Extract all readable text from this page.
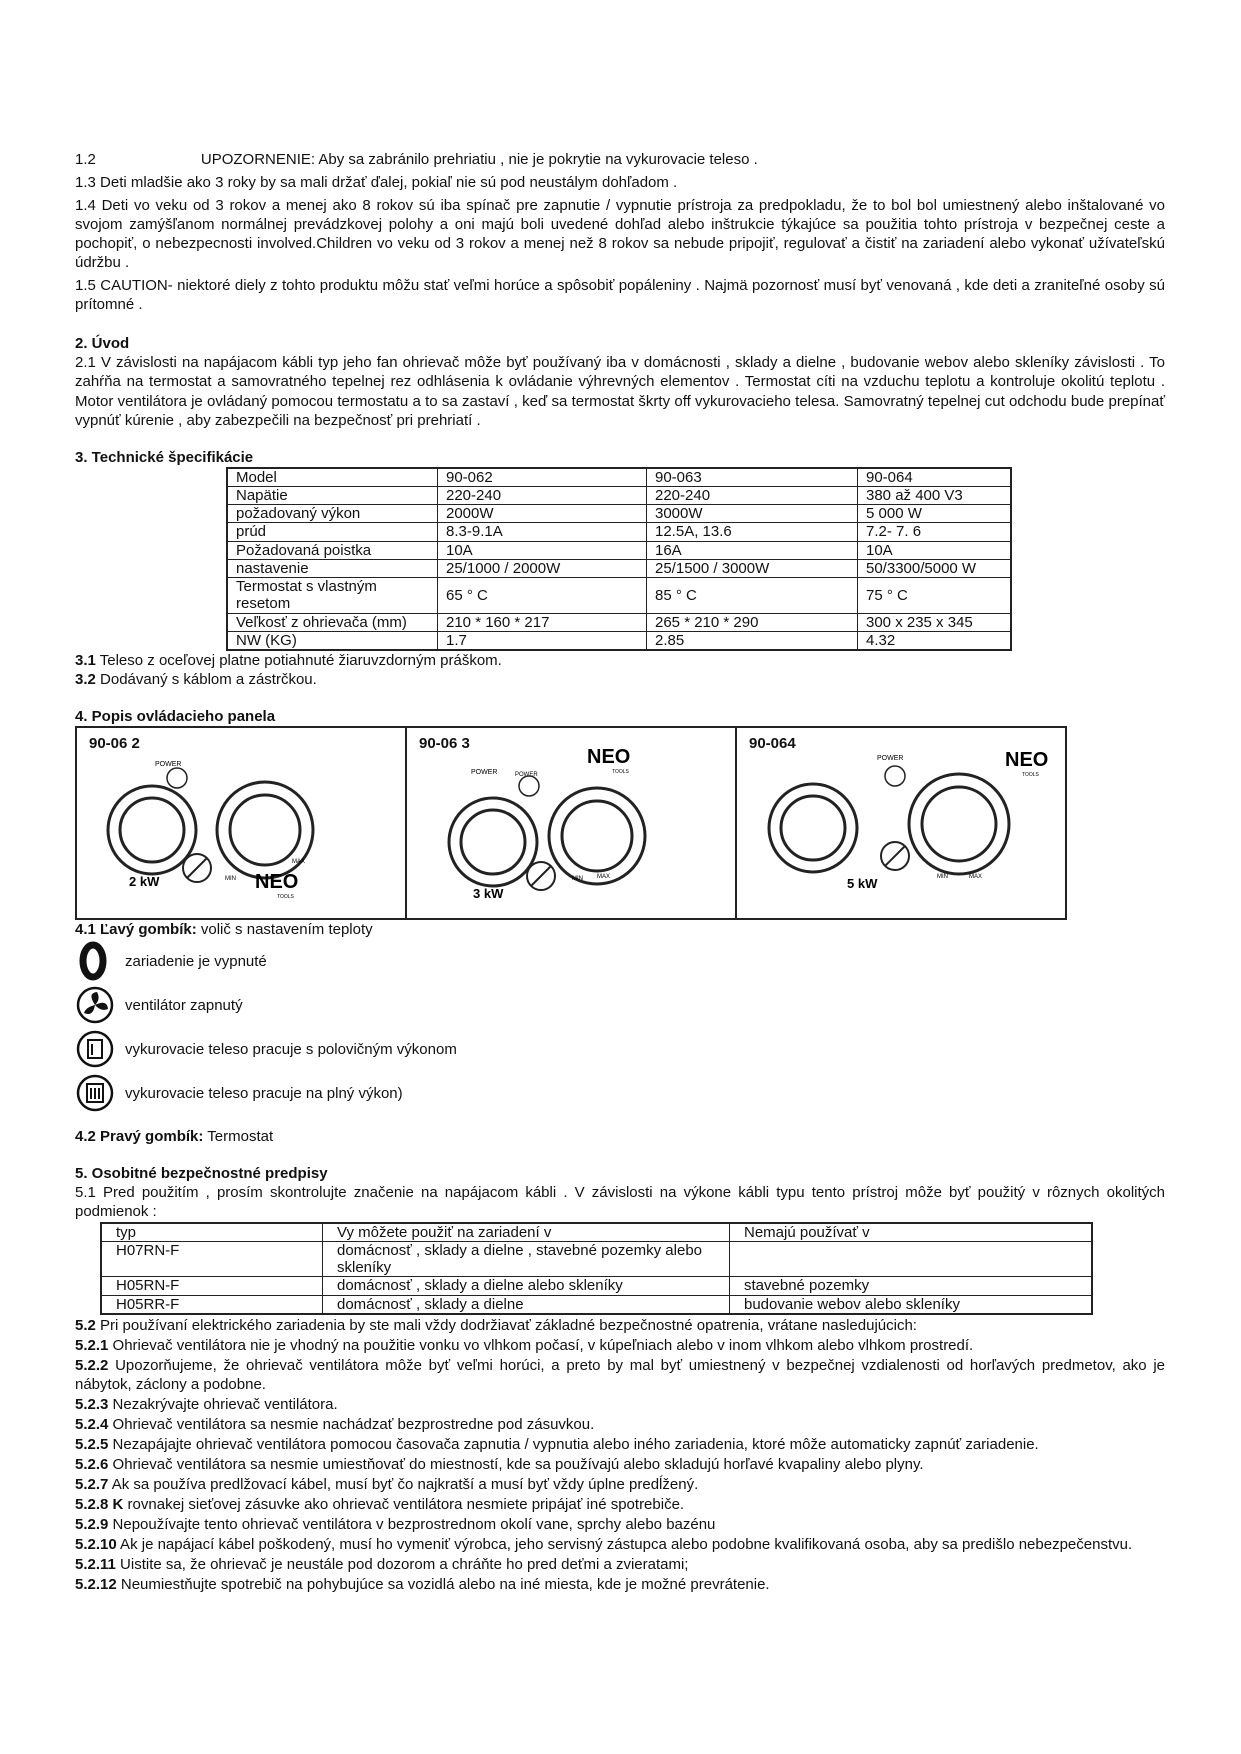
1.2	UPOZORNENIE: Aby sa zabránilo prehriatiu , nie je pokrytie na vykurovacie teleso .

1.3 Deti mladšie ako 3 roky by sa mali držať ďalej, pokiaľ nie sú pod neustálym dohľadom .

1.4 Deti vo veku od 3 rokov a menej ako 8 rokov sú iba spínač pre zapnutie / vypnutie prístroja za predpokladu, že to bol bol umiestnený alebo inštalované vo svojom zamýšľanom normálnej prevádzkovej polohy a oni majú boli uvedené dohľad alebo inštrukcie týkajúce sa použitia tohto prístroja v bezpečnej ceste a pochopiť, o nebezpecnosti involved.Children vo veku od 3 rokov a menej než 8 rokov sa nebude pripojiť, regulovať a čistiť na zariadení alebo vykonať užívateľskú údržbu .

1.5 CAUTION- niektoré diely z tohto produktu môžu stať veľmi horúce a spôsobiť popáleniny . Najmä pozornosť musí byť venovaná , kde deti a zraniteľné osoby sú prítomné .

2. Úvod

2.1 V závislosti na napájacom kábli typ jeho fan ohrievač môže byť používaný iba v domácnosti , sklady a dielne , budovanie webov alebo skleníky závislosti . To zahŕňa na termostat a samovratného tepelnej rez odhlásenia k ovládanie výhrevných elementov . Termostat cíti na vzduchu teplotu a kontroluje okolitú teplotu . Motor ventilátora je ovládaný pomocou termostatu a to sa zastaví , keď sa termostat škrty off vykurovacieho telesa. Samovratný tepelnej cut odchodu bude prepínať vypnúť kúrenie , aby zabezpečili na bezpečnosť pri prehriatí .

3. Technické špecifikácie

Model	90-062	90-063	90-064
Napätie	220-240	220-240	380 až 400 V3
požadovaný výkon	2000W	3000W	5 000 W
prúd	8.3-9.1A	12.5A, 13.6	7.2- 7. 6
Požadovaná poistka	10A	16A	10A
nastavenie	25/1000 / 2000W	25/1500 / 3000W	50/3300/5000 W
Termostat s vlastným resetom	65 ° C	85 ° C	75 ° C
Veľkosť z ohrievača (mm)	210 * 160 * 217	265 * 210 * 290	300 x 235 x 345
NW (KG)	1.7	2.85	4.32

3.1 Teleso z oceľovej platne potiahnuté žiaruvzdorným práškom.

3.2 Dodávaný s káblom a zástrčkou.

4. Popis ovládacieho panela

POWER
MIN
MAX
2 kW	NEO
TOOLS
90-06 2
POWER	POWER
NEO
TOOLS
MIN MAX
3 kW
90-06 3
POWER	NEO
TOOLS
5 kW	MIN	MAX
90-064

4.1 Ľavý gombík: volič s nastavením teploty

zariadenie je vypnuté
ventilátor zapnutý
vykurovacie teleso pracuje s polovičným výkonom
vykurovacie teleso pracuje na plný výkon)

4.2 Pravý gombík: Termostat

5. Osobitné bezpečnostné predpisy

5.1 Pred použitím , prosím skontrolujte značenie na napájacom kábli . V závislosti na výkone kábli typu tento prístroj môže byť použitý v rôznych okolitých podmienok :

typ	Vy môžete použiť na zariadení v	Nemajú používať v
H07RN-F	domácnosť , sklady a dielne , stavebné pozemky alebo skleníky	
H05RN-F	domácnosť , sklady a dielne alebo skleníky	stavebné pozemky
H05RR-F	domácnosť , sklady a dielne	budovanie webov alebo skleníky

5.2 Pri používaní elektrického zariadenia by ste mali vždy dodržiavať základné bezpečnostné opatrenia, vrátane nasledujúcich:

5.2.1 Ohrievač ventilátora nie je vhodný na použitie vonku vo vlhkom počasí, v kúpeľniach alebo v inom vlhkom alebo vlhkom prostredí.

5.2.2 Upozorňujeme, že ohrievač ventilátora môže byť veľmi horúci, a preto by mal byť umiestnený v bezpečnej vzdialenosti od horľavých predmetov, ako je nábytok, záclony a podobne.

5.2.3 Nezakrývajte ohrievač ventilátora.

5.2.4 Ohrievač ventilátora sa nesmie nachádzať bezprostredne pod zásuvkou.

5.2.5 Nezapájajte ohrievač ventilátora pomocou časovača zapnutia / vypnutia alebo iného zariadenia, ktoré môže automaticky zapnúť zariadenie.

5.2.6 Ohrievač ventilátora sa nesmie umiestňovať do miestností, kde sa používajú alebo skladujú horľavé kvapaliny alebo plyny.

5.2.7 Ak sa používa predlžovací kábel, musí byť čo najkratší a musí byť vždy úplne predĺžený.

5.2.8 K rovnakej sieťovej zásuvke ako ohrievač ventilátora nesmiete pripájať iné spotrebiče.

5.2.9 Nepoužívajte tento ohrievač ventilátora v bezprostrednom okolí vane, sprchy alebo bazénu

5.2.10 Ak je napájací kábel poškodený, musí ho vymeniť výrobca, jeho servisný zástupca alebo podobne kvalifikovaná osoba, aby sa predišlo nebezpečenstvu.

5.2.11 Uistite sa, že ohrievač je neustále pod dozorom a chráňte ho pred deťmi a zvieratami;

5.2.12 Neumiestňujte spotrebič na pohybujúce sa vozidlá alebo na iné miesta, kde je možné prevrátenie.
